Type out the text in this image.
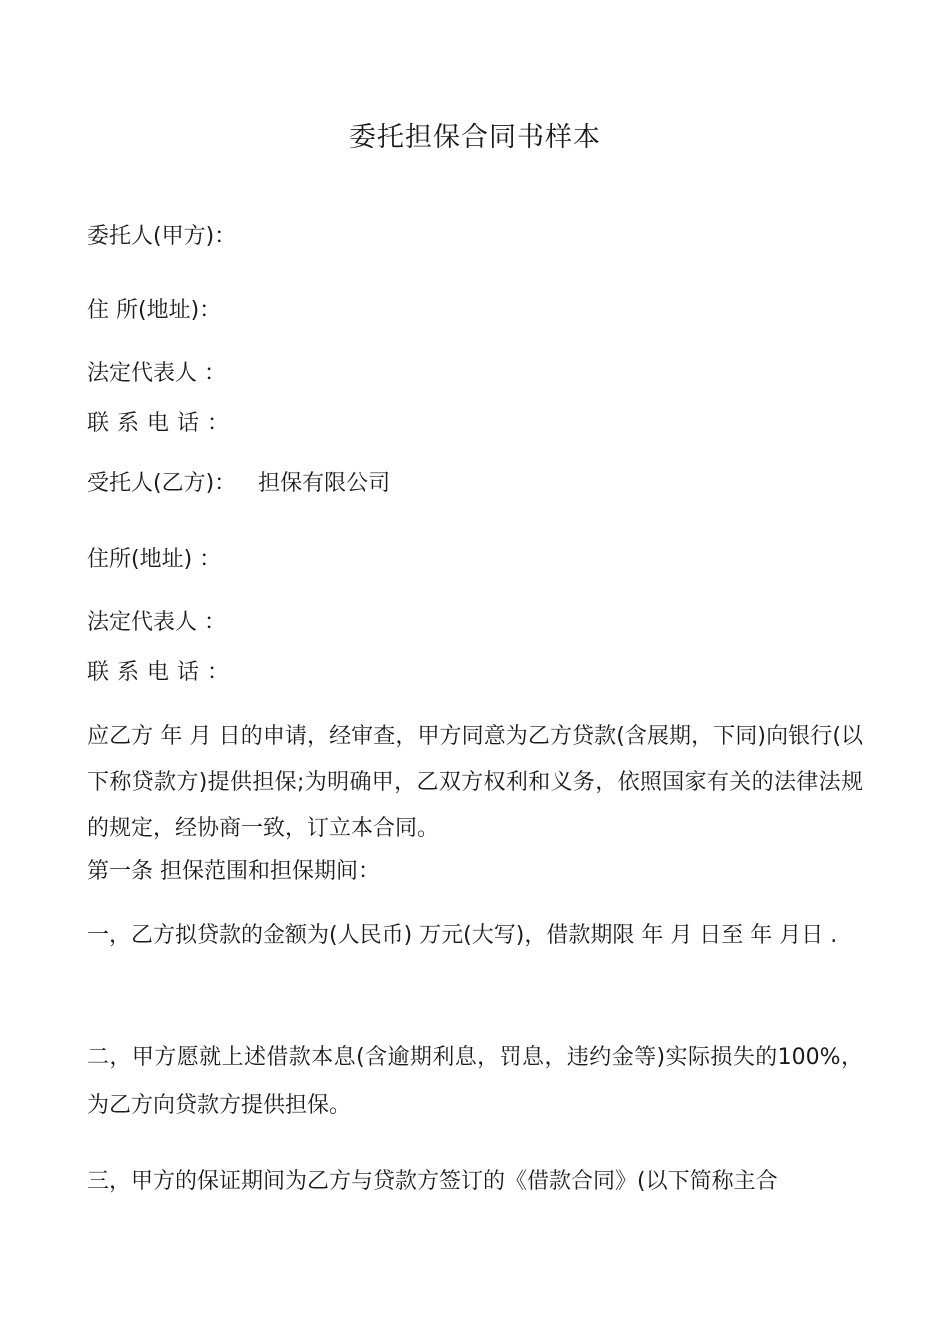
委托担保合同书样本
委托人(甲方)：
住 所(地址)：
法定代表人 ：
联系电话：
受托人(乙方)： 担保有限公司
住所(地址) ：
法定代表人 ：
联系电话：
应乙方 年 月 日的申请，经审查，甲方同意为乙方贷款(含展期，下同)向银行(以下称贷款方)提供担保;为明确甲，乙双方权利和义务，依照国家有关的法律法规的规定，经协商一致，订立本合同。
第一条 担保范围和担保期间：
一，乙方拟贷款的金额为(人民币) 万元(大写)，借款期限 年 月 日至 年 月日 .
二，甲方愿就上述借款本息(含逾期利息，罚息，违约金等)实际损失的100%，为乙方向贷款方提供担保。
三，甲方的保证期间为乙方与贷款方签订的《借款合同》(以下简称主合
